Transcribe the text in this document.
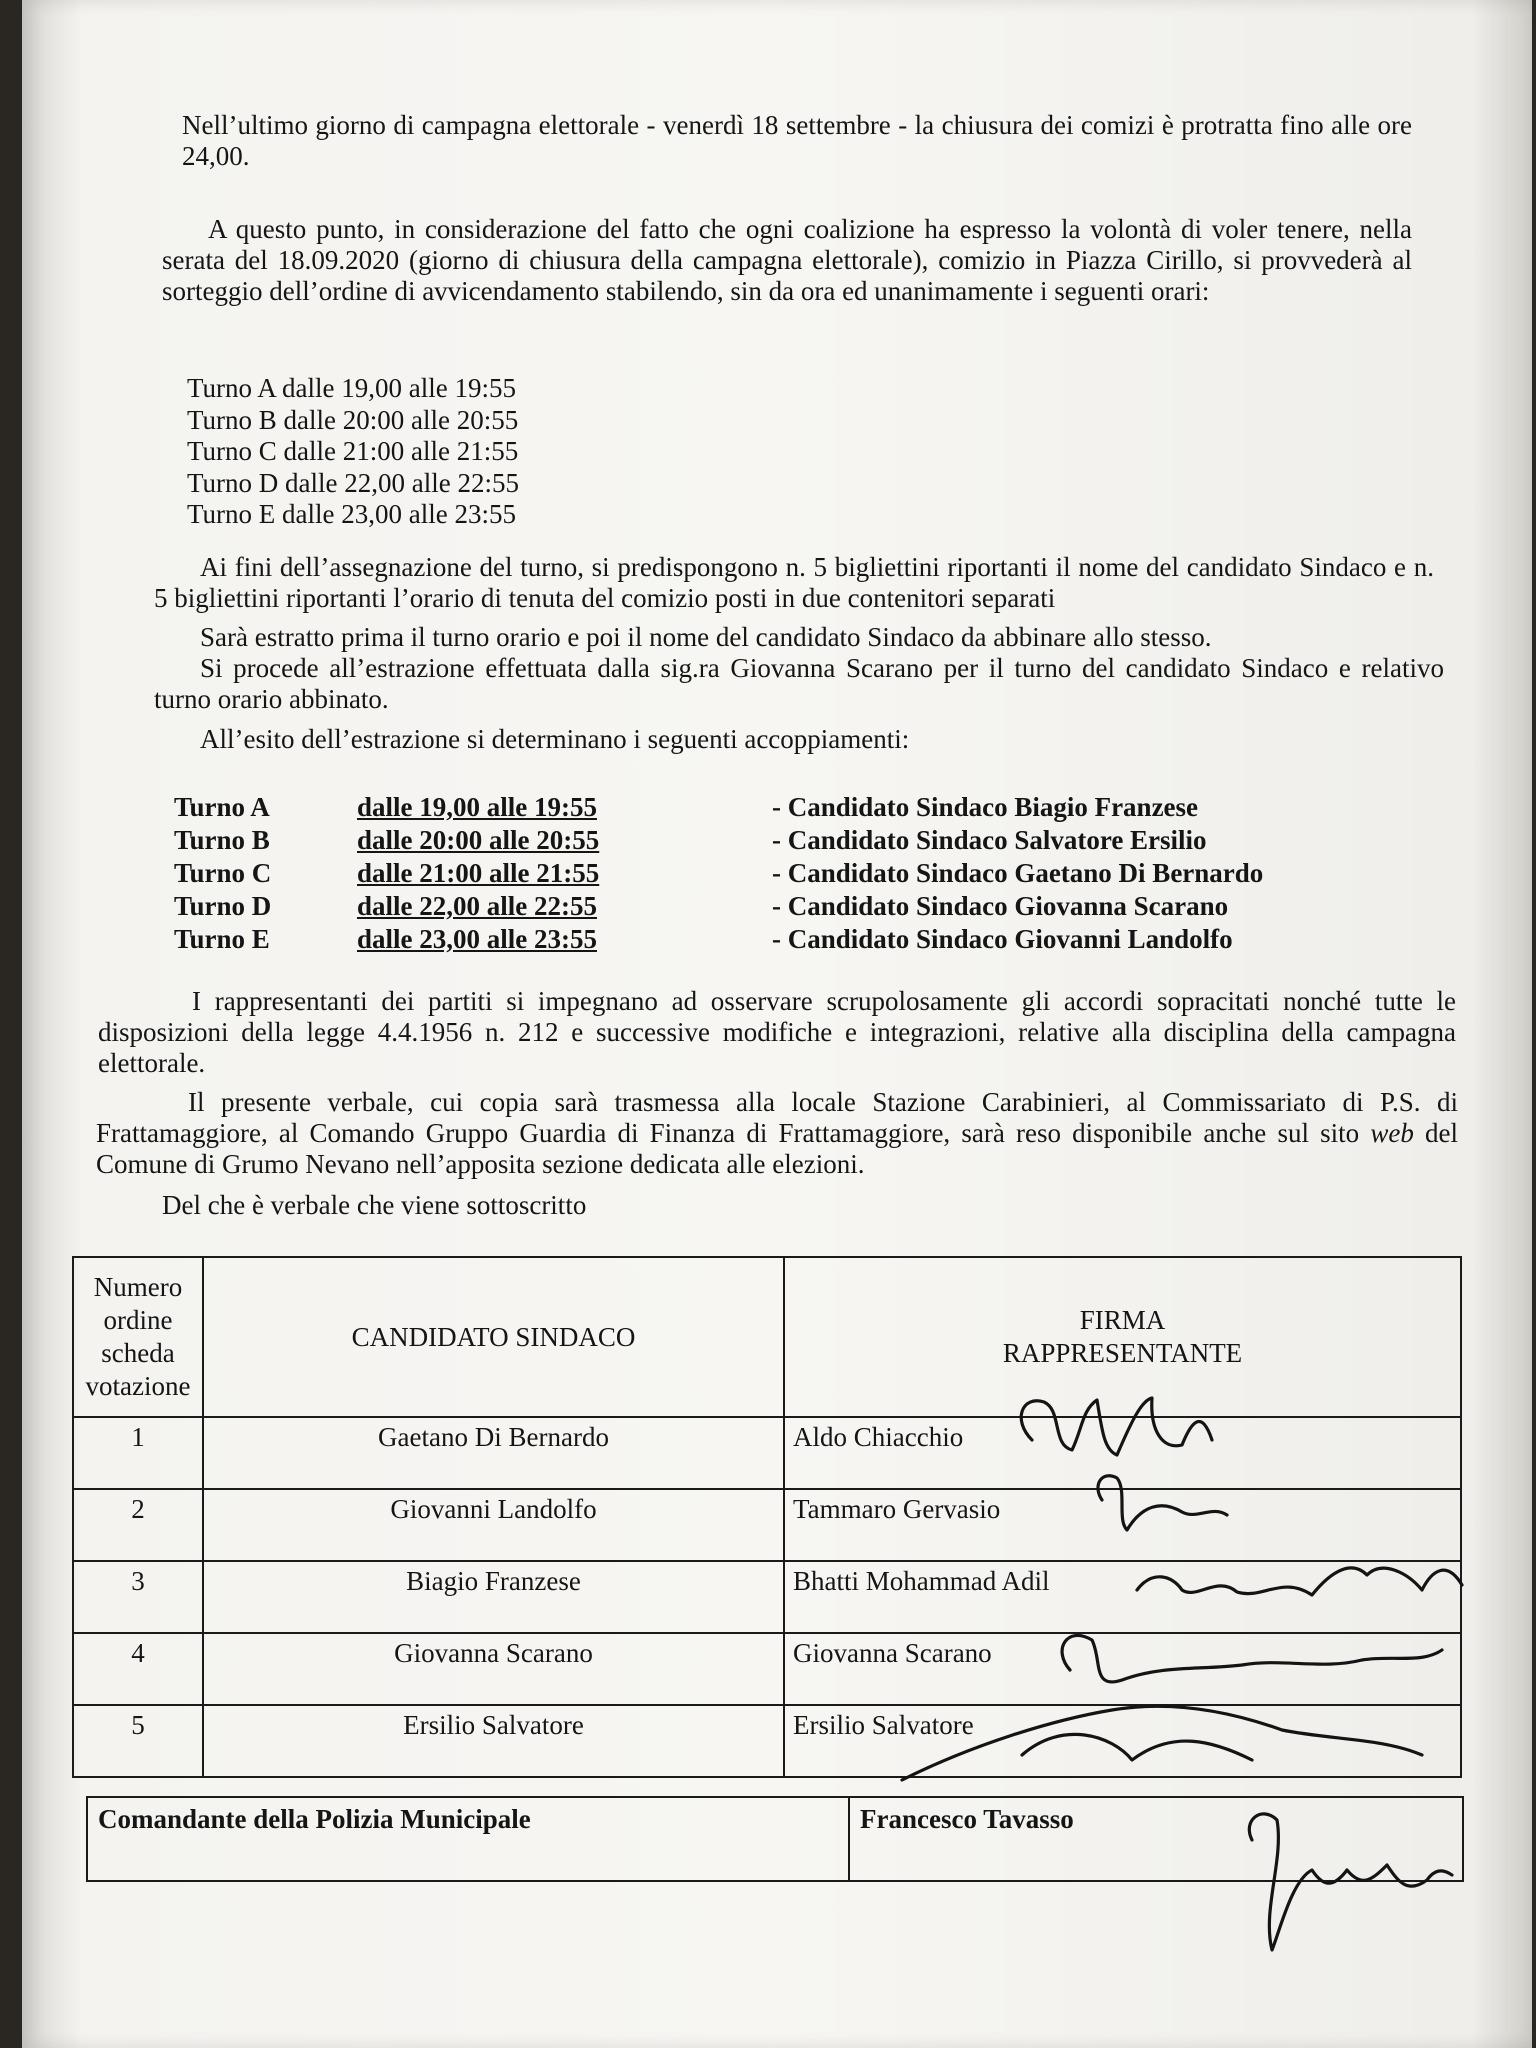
Nell’ultimo giorno di campagna elettorale - venerdì 18 settembre - la chiusura dei comizi è protratta fino alle ore 24,00.

A questo punto, in considerazione del fatto che ogni coalizione ha espresso la volontà di voler tenere, nella serata del 18.09.2020 (giorno di chiusura della campagna elettorale), comizio in Piazza Cirillo, si provvederà al sorteggio dell’ordine di avvicendamento stabilendo, sin da ora ed unanimamente i seguenti orari:

Turno A dalle 19,00 alle 19:55
Turno B dalle 20:00 alle 20:55
Turno C dalle 21:00 alle 21:55
Turno D dalle 22,00 alle 22:55
Turno E dalle 23,00 alle 23:55

Ai fini dell’assegnazione del turno, si predispongono n. 5 bigliettini riportanti il nome del candidato Sindaco e n. 5 bigliettini riportanti l’orario di tenuta del comizio posti in due contenitori separati

Sarà estratto prima il turno orario e poi il nome del candidato Sindaco da abbinare allo stesso.

Si procede all’estrazione effettuata dalla sig.ra Giovanna Scarano per il turno del candidato Sindaco e relativo turno orario abbinato.

All’esito dell’estrazione si determinano i seguenti accoppiamenti:

Turno A	dalle 19,00 alle 19:55	- Candidato Sindaco Biagio Franzese
Turno B	dalle 20:00 alle 20:55	- Candidato Sindaco Salvatore Ersilio
Turno C	dalle 21:00 alle 21:55	- Candidato Sindaco Gaetano Di Bernardo
Turno D	dalle 22,00 alle 22:55	- Candidato Sindaco Giovanna Scarano
Turno E	dalle 23,00 alle 23:55	- Candidato Sindaco Giovanni Landolfo

I rappresentanti dei partiti si impegnano ad osservare scrupolosamente gli accordi sopracitati nonché tutte le disposizioni della legge 4.4.1956 n. 212 e successive modifiche e integrazioni, relative alla disciplina della campagna elettorale.

Il presente verbale, cui copia sarà trasmessa alla locale Stazione Carabinieri, al Commissariato di P.S. di Frattamaggiore, al Comando Gruppo Guardia di Finanza di Frattamaggiore, sarà reso disponibile anche sul sito web del Comune di Grumo Nevano nell’apposita sezione dedicata alle elezioni.

Del che è verbale che viene sottoscritto

Numero ordine scheda votazione	CANDIDATO SINDACO	FIRMA RAPPRESENTANTE

1	Gaetano Di Bernardo	Aldo Chiacchio
2	Giovanni Landolfo	Tammaro Gervasio
3	Biagio Franzese	Bhatti Mohammad Adil
4	Giovanna Scarano	Giovanna Scarano
5	Ersilio Salvatore	Ersilio Salvatore
Comandante della Polizia Municipale	Francesco Tavasso
